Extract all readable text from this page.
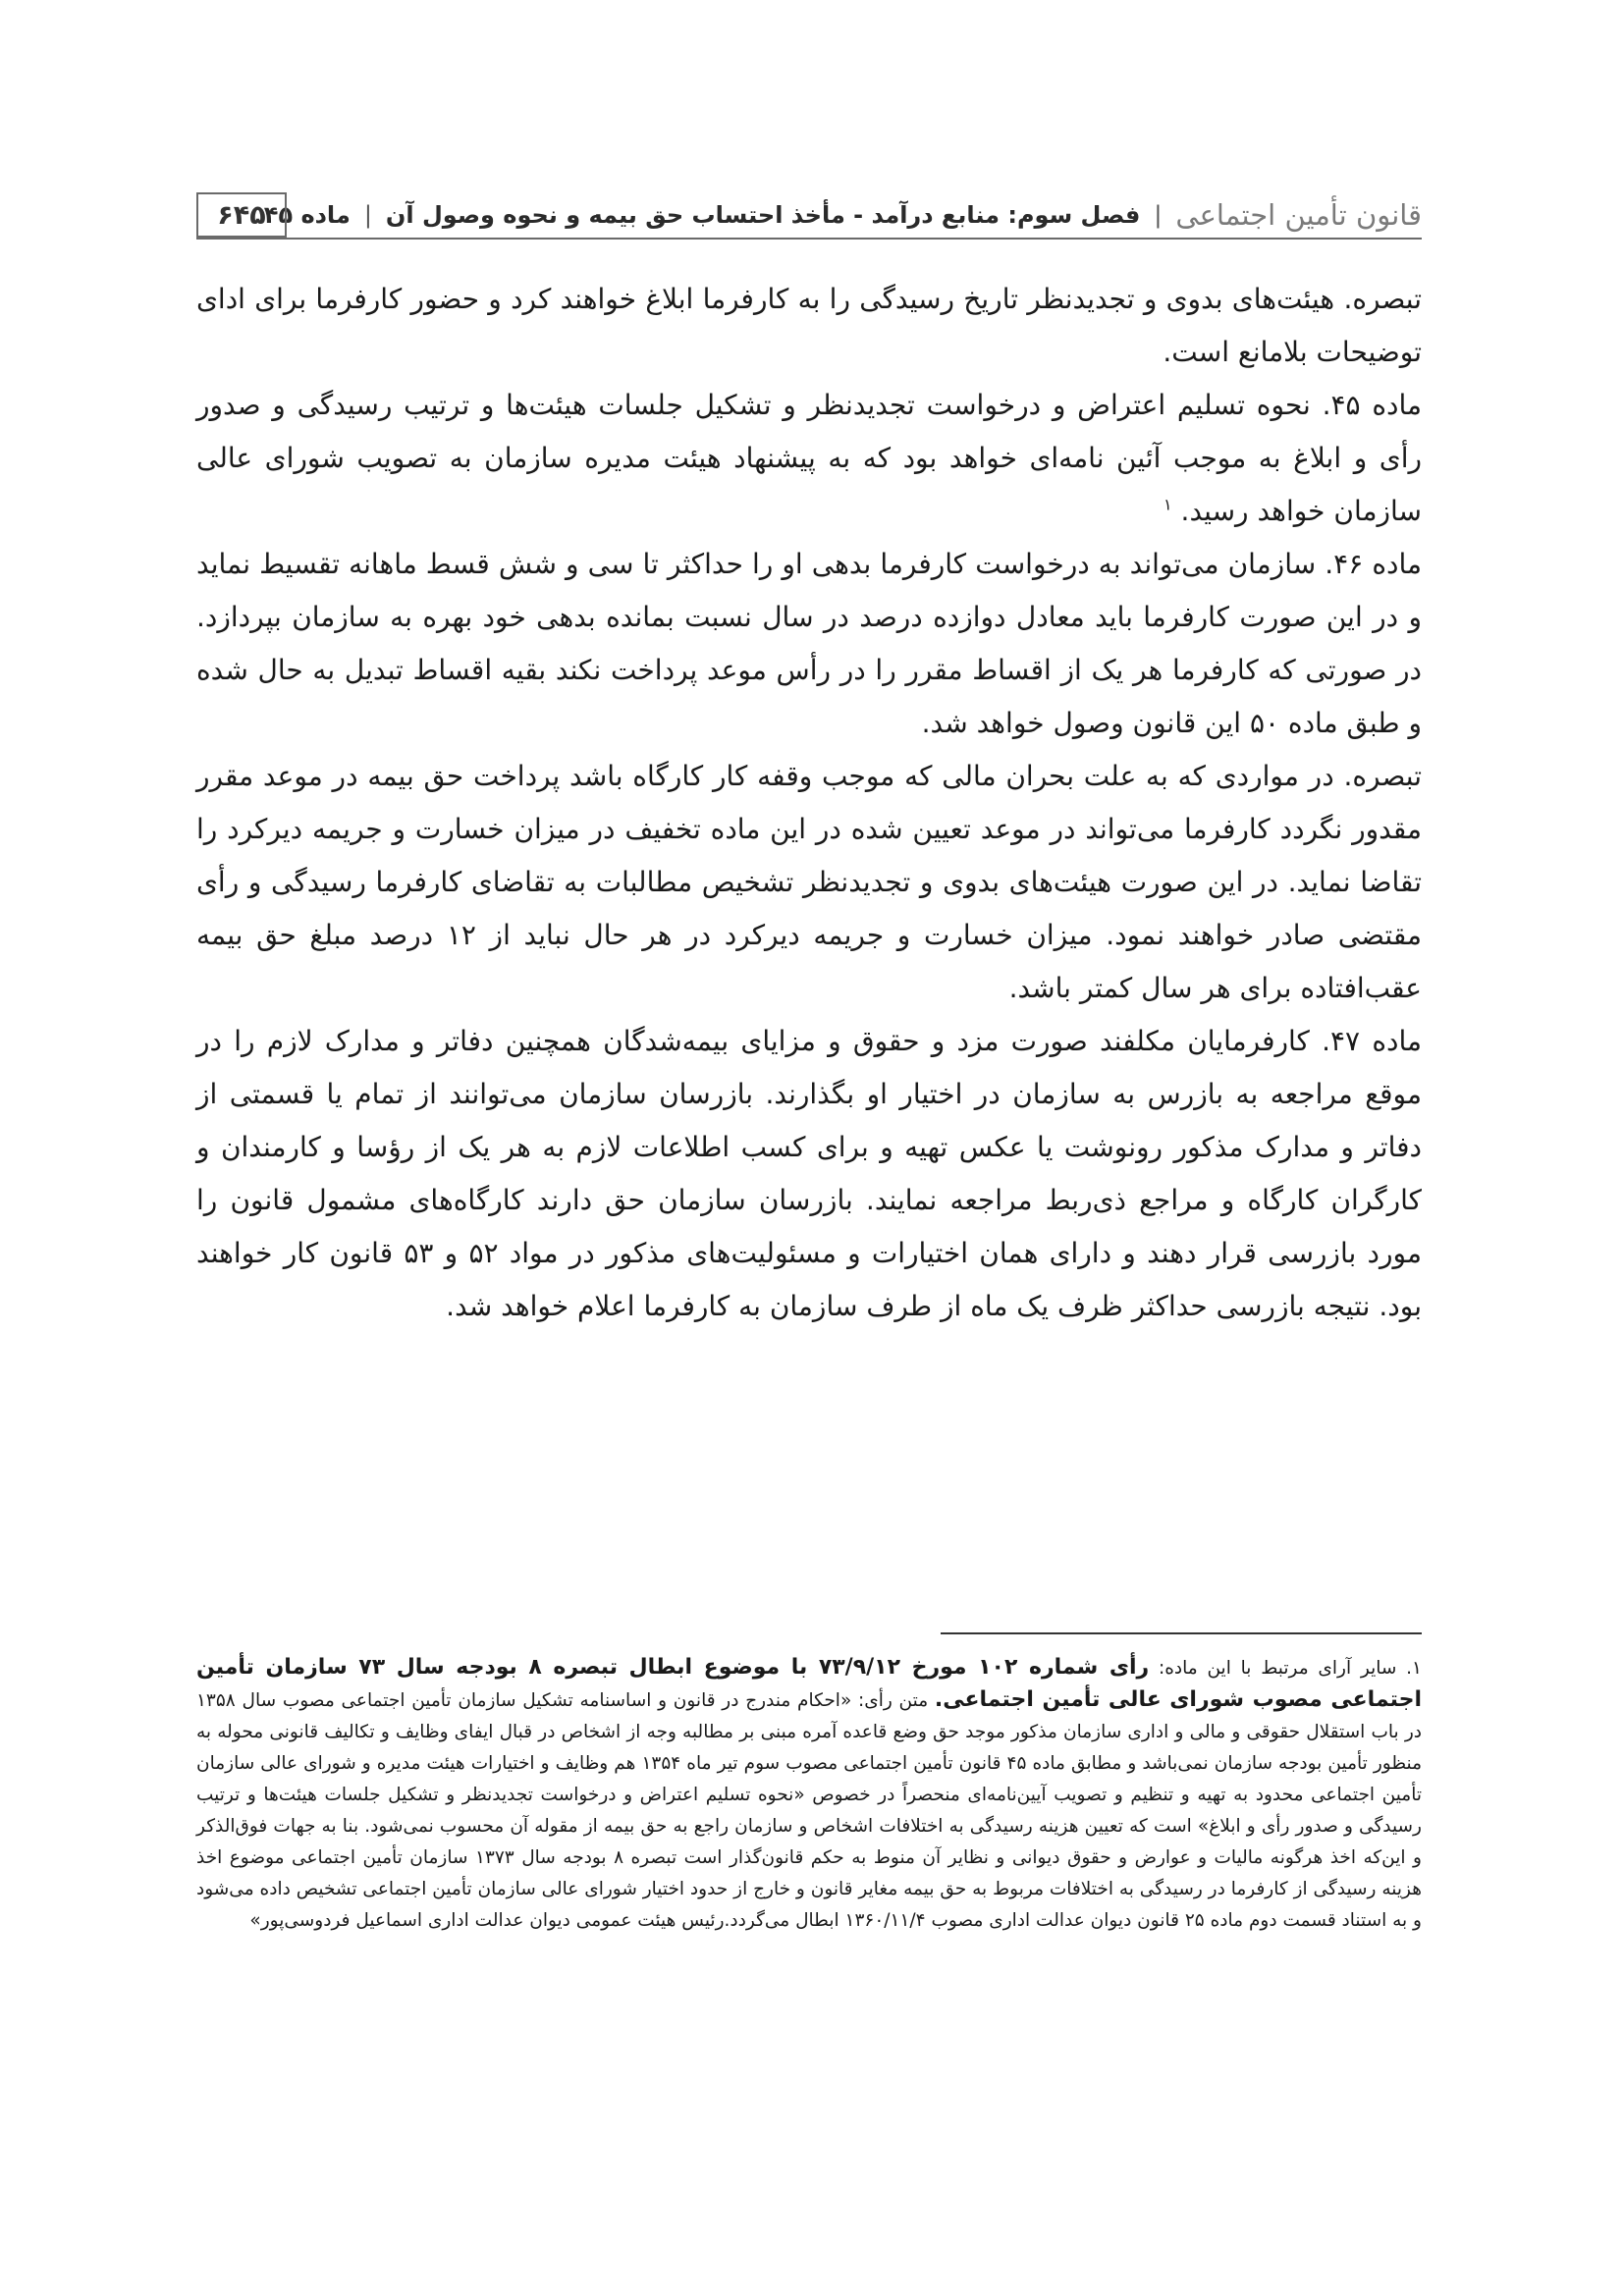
قانون تأمین اجتماعی
|
فصل سوم: منابع درآمد - مأخذ احتساب حق بیمه و نحوه وصول آن
|
ماده ۴۵
۶۴۵

تبصره. هیئت‌های بدوی و تجدیدنظر تاریخ رسیدگی را به کارفرما ابلاغ خواهند کرد و حضور کارفرما برای ادای توضیحات بلامانع است.

ماده ۴۵. نحوه تسلیم اعتراض و درخواست تجدیدنظر و تشکیل جلسات هیئت‌ها و ترتیب رسیدگی و صدور رأی و ابلاغ به موجب آئین نامه‌ای خواهد بود که به پیشنهاد هیئت مدیره سازمان به تصویب شورای عالی سازمان خواهد رسید. $^۱$

ماده ۴۶. سازمان می‌تواند به درخواست کارفرما بدهی او را حداکثر تا سی و شش قسط ماهانه تقسیط نماید و در این صورت کارفرما باید معادل دوازده درصد در سال نسبت بمانده بدهی خود بهره به سازمان بپردازد. در صورتی که کارفرما هر یک از اقساط مقرر را در رأس موعد پرداخت نکند بقیه اقساط تبدیل به حال شده و طبق ماده ۵۰ این قانون وصول خواهد شد.

تبصره. در مواردی که به علت بحران مالی که موجب وقفه کار کارگاه باشد پرداخت حق بیمه در موعد مقرر مقدور نگردد کارفرما می‌تواند در موعد تعیین شده در این ماده تخفیف در میزان خسارت و جریمه دیرکرد را تقاضا نماید. در این صورت هیئت‌های بدوی و تجدیدنظر تشخیص مطالبات به تقاضای کارفرما رسیدگی و رأی مقتضی صادر خواهند نمود. میزان خسارت و جریمه دیرکرد در هر حال نباید از ۱۲ درصد مبلغ حق بیمه عقب‌افتاده برای هر سال کمتر باشد.

ماده ۴۷. کارفرمایان مکلفند صورت مزد و حقوق و مزایای بیمه‌شدگان همچنین دفاتر و مدارک لازم را در موقع مراجعه به بازرس به سازمان در اختیار او بگذارند. بازرسان سازمان می‌توانند از تمام یا قسمتی از دفاتر و مدارک مذکور رونوشت یا عکس تهیه و برای کسب اطلاعات لازم به هر یک از رؤسا و کارمندان و کارگران کارگاه و مراجع ذی‌ربط مراجعه نمایند. بازرسان سازمان حق دارند کارگاه‌های مشمول قانون را مورد بازرسی قرار دهند و دارای همان اختیارات و مسئولیت‌های مذکور در مواد ۵۲ و ۵۳ قانون کار خواهند بود. نتیجه بازرسی حداکثر ظرف یک ماه از طرف سازمان به کارفرما اعلام خواهد شد.

۱. سایر آرای مرتبط با این ماده: رأی شماره ۱۰۲ مورخ ۷۳/۹/۱۲ با موضوع ابطال تبصره ۸ بودجه سال ۷۳ سازمان تأمین اجتماعی مصوب شورای عالی تأمین اجتماعی. متن رأی: «احکام مندرج در قانون و اساسنامه تشکیل سازمان تأمین اجتماعی مصوب سال ۱۳۵۸ در باب استقلال حقوقی و مالی و اداری سازمان مذکور موجد حق وضع قاعده آمره مبنی بر مطالبه وجه از اشخاص در قبال ایفای وظایف و تکالیف قانونی محوله به منظور تأمین بودجه سازمان نمی‌باشد و مطابق ماده ۴۵ قانون تأمین اجتماعی مصوب سوم تیر ماه ۱۳۵۴ هم وظایف و اختیارات هیئت مدیره و شورای عالی سازمان تأمین اجتماعی محدود به تهیه و تنظیم و تصویب آیین‌نامه‌ای منحصراً در خصوص «نحوه تسلیم اعتراض و درخواست تجدیدنظر و تشکیل جلسات هیئت‌ها و ترتیب رسیدگی و صدور رأی و ابلاغ» است که تعیین هزینه رسیدگی به اختلافات اشخاص و سازمان راجع به حق بیمه از مقوله آن محسوب نمی‌شود. بنا به جهات فوق‌الذکر و این‌که اخذ هرگونه مالیات و عوارض و حقوق دیوانی و نظایر آن منوط به حکم قانون‌گذار است تبصره ۸ بودجه سال ۱۳۷۳ سازمان تأمین اجتماعی موضوع اخذ هزینه رسیدگی از کارفرما در رسیدگی به اختلافات مربوط به حق بیمه مغایر قانون و خارج از حدود اختیار شورای عالی سازمان تأمین اجتماعی تشخیص داده می‌شود و به استناد قسمت دوم ماده ۲۵ قانون دیوان عدالت اداری مصوب ۱۳۶۰/۱۱/۴ ابطال می‌گردد.رئیس هیئت عمومی دیوان عدالت اداری اسماعیل فردوسی‌پور»
